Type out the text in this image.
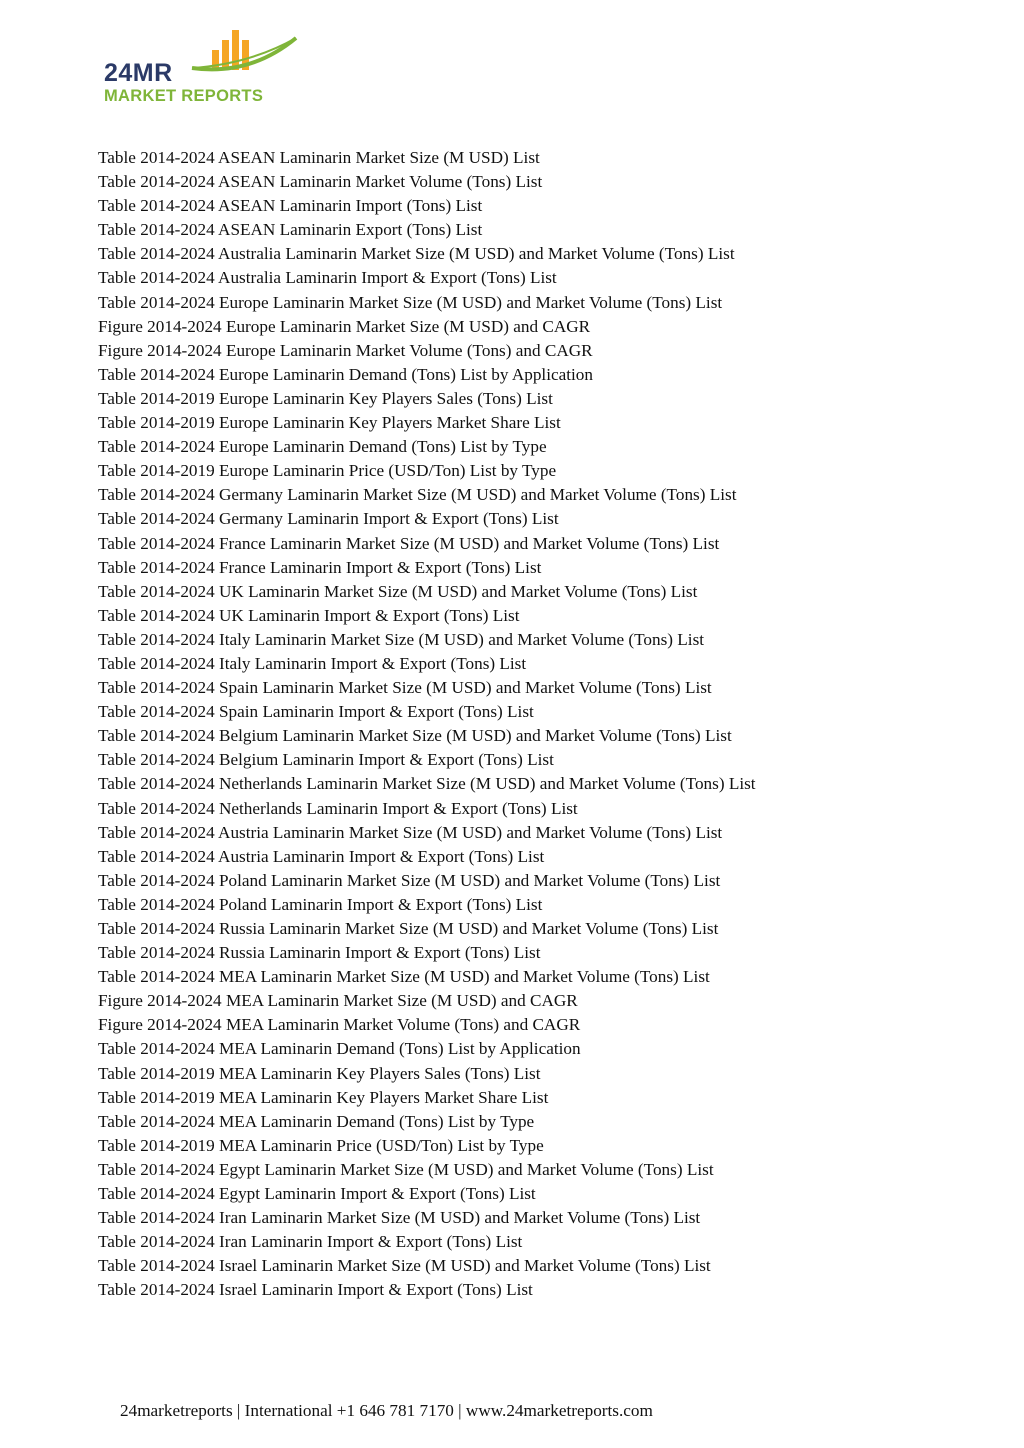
24MR
MARKET REPORTS
Table 2014-2024 ASEAN Laminarin Market Size (M USD) List
Table 2014-2024 ASEAN Laminarin Market Volume (Tons) List
Table 2014-2024 ASEAN Laminarin Import (Tons) List
Table 2014-2024 ASEAN Laminarin Export (Tons) List
Table 2014-2024 Australia Laminarin Market Size (M USD) and Market Volume (Tons) List
Table 2014-2024 Australia Laminarin Import & Export (Tons) List
Table 2014-2024 Europe Laminarin Market Size (M USD) and Market Volume (Tons) List
Figure 2014-2024 Europe Laminarin Market Size (M USD) and CAGR
Figure 2014-2024 Europe Laminarin Market Volume (Tons) and CAGR
Table 2014-2024 Europe Laminarin Demand (Tons) List by Application
Table 2014-2019 Europe Laminarin Key Players Sales (Tons) List
Table 2014-2019 Europe Laminarin Key Players Market Share List
Table 2014-2024 Europe Laminarin Demand (Tons) List by Type
Table 2014-2019 Europe Laminarin Price (USD/Ton) List by Type
Table 2014-2024 Germany Laminarin Market Size (M USD) and Market Volume (Tons) List
Table 2014-2024 Germany Laminarin Import & Export (Tons) List
Table 2014-2024 France Laminarin Market Size (M USD) and Market Volume (Tons) List
Table 2014-2024 France Laminarin Import & Export (Tons) List
Table 2014-2024 UK Laminarin Market Size (M USD) and Market Volume (Tons) List
Table 2014-2024 UK Laminarin Import & Export (Tons) List
Table 2014-2024 Italy Laminarin Market Size (M USD) and Market Volume (Tons) List
Table 2014-2024 Italy Laminarin Import & Export (Tons) List
Table 2014-2024 Spain Laminarin Market Size (M USD) and Market Volume (Tons) List
Table 2014-2024 Spain Laminarin Import & Export (Tons) List
Table 2014-2024 Belgium Laminarin Market Size (M USD) and Market Volume (Tons) List
Table 2014-2024 Belgium Laminarin Import & Export (Tons) List
Table 2014-2024 Netherlands Laminarin Market Size (M USD) and Market Volume (Tons) List
Table 2014-2024 Netherlands Laminarin Import & Export (Tons) List
Table 2014-2024 Austria Laminarin Market Size (M USD) and Market Volume (Tons) List
Table 2014-2024 Austria Laminarin Import & Export (Tons) List
Table 2014-2024 Poland Laminarin Market Size (M USD) and Market Volume (Tons) List
Table 2014-2024 Poland Laminarin Import & Export (Tons) List
Table 2014-2024 Russia Laminarin Market Size (M USD) and Market Volume (Tons) List
Table 2014-2024 Russia Laminarin Import & Export (Tons) List
Table 2014-2024 MEA Laminarin Market Size (M USD) and Market Volume (Tons) List
Figure 2014-2024 MEA Laminarin Market Size (M USD) and CAGR
Figure 2014-2024 MEA Laminarin Market Volume (Tons) and CAGR
Table 2014-2024 MEA Laminarin Demand (Tons) List by Application
Table 2014-2019 MEA Laminarin Key Players Sales (Tons) List
Table 2014-2019 MEA Laminarin Key Players Market Share List
Table 2014-2024 MEA Laminarin Demand (Tons) List by Type
Table 2014-2019 MEA Laminarin Price (USD/Ton) List by Type
Table 2014-2024 Egypt Laminarin Market Size (M USD) and Market Volume (Tons) List
Table 2014-2024 Egypt Laminarin Import & Export (Tons) List
Table 2014-2024 Iran Laminarin Market Size (M USD) and Market Volume (Tons) List
Table 2014-2024 Iran Laminarin Import & Export (Tons) List
Table 2014-2024 Israel Laminarin Market Size (M USD) and Market Volume (Tons) List
Table 2014-2024 Israel Laminarin Import & Export (Tons) List
24marketreports | International +1 646 781 7170 | www.24marketreports.com
